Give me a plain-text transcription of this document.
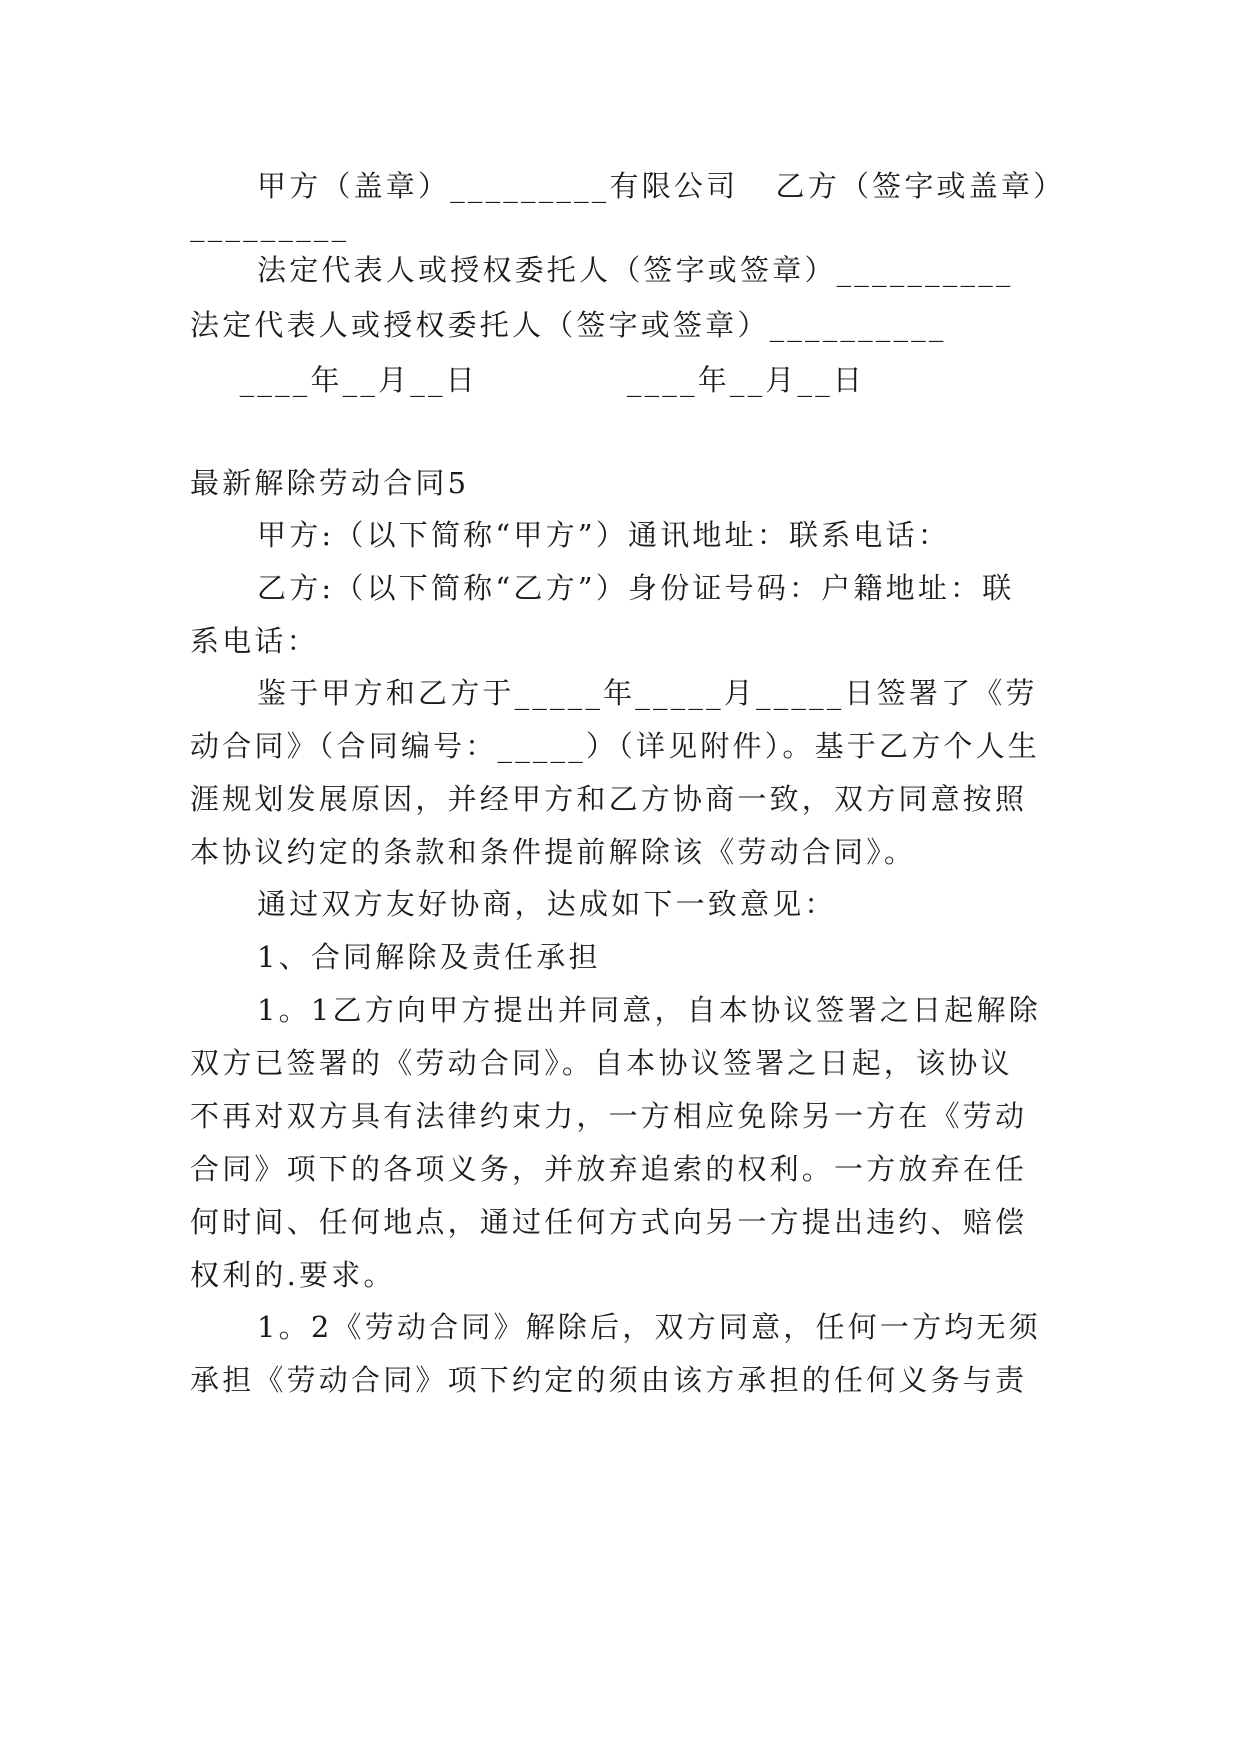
甲方（盖章）_________有限公司   乙方（签字或盖章）
_________
法定代表人或授权委托人（签字或签章）__________
法定代表人或授权委托人（签字或签章）__________
____年__月__日            ____年__月__日
最新解除劳动合同5
甲方:（以下简称“甲方”）通讯地址：联系电话：
乙方:（以下简称“乙方”）身份证号码：户籍地址：联
系电话：
鉴于甲方和乙方于_____年_____月_____日签署了《劳
动合同》（合同编号：_____）（详见附件）。基于乙方个人生
涯规划发展原因，并经甲方和乙方协商一致，双方同意按照
本协议约定的条款和条件提前解除该《劳动合同》。
通过双方友好协商，达成如下一致意见：
1、合同解除及责任承担
1。1乙方向甲方提出并同意，自本协议签署之日起解除
双方已签署的《劳动合同》。自本协议签署之日起，该协议
不再对双方具有法律约束力，一方相应免除另一方在《劳动
合同》项下的各项义务，并放弃追索的权利。一方放弃在任
何时间、任何地点，通过任何方式向另一方提出违约、赔偿
权利的.要求。
1。2《劳动合同》解除后，双方同意，任何一方均无须
承担《劳动合同》项下约定的须由该方承担的任何义务与责
